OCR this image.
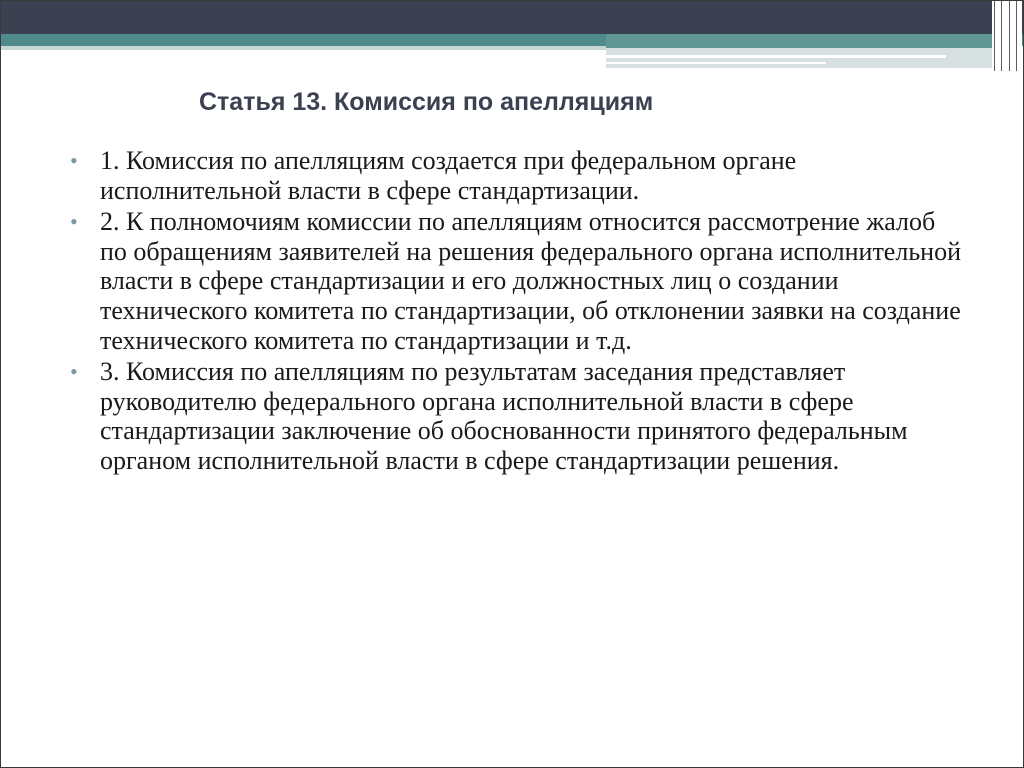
Статья 13. Комиссия по апелляциям
• 1. Комиссия по апелляциям создается при федеральном органе исполнительной власти в сфере стандартизации.
• 2. К полномочиям комиссии по апелляциям относится рассмотрение жалоб по обращениям заявителей на решения федерального органа исполнительной власти в сфере стандартизации и его должностных лиц о создании технического комитета по стандартизации, об отклонении заявки на создание технического комитета по стандартизации и т.д.
• 3. Комиссия по апелляциям по результатам заседания представляет руководителю федерального органа исполнительной власти в сфере стандартизации заключение об обоснованности принятого федеральным органом исполнительной власти в сфере стандартизации решения.
